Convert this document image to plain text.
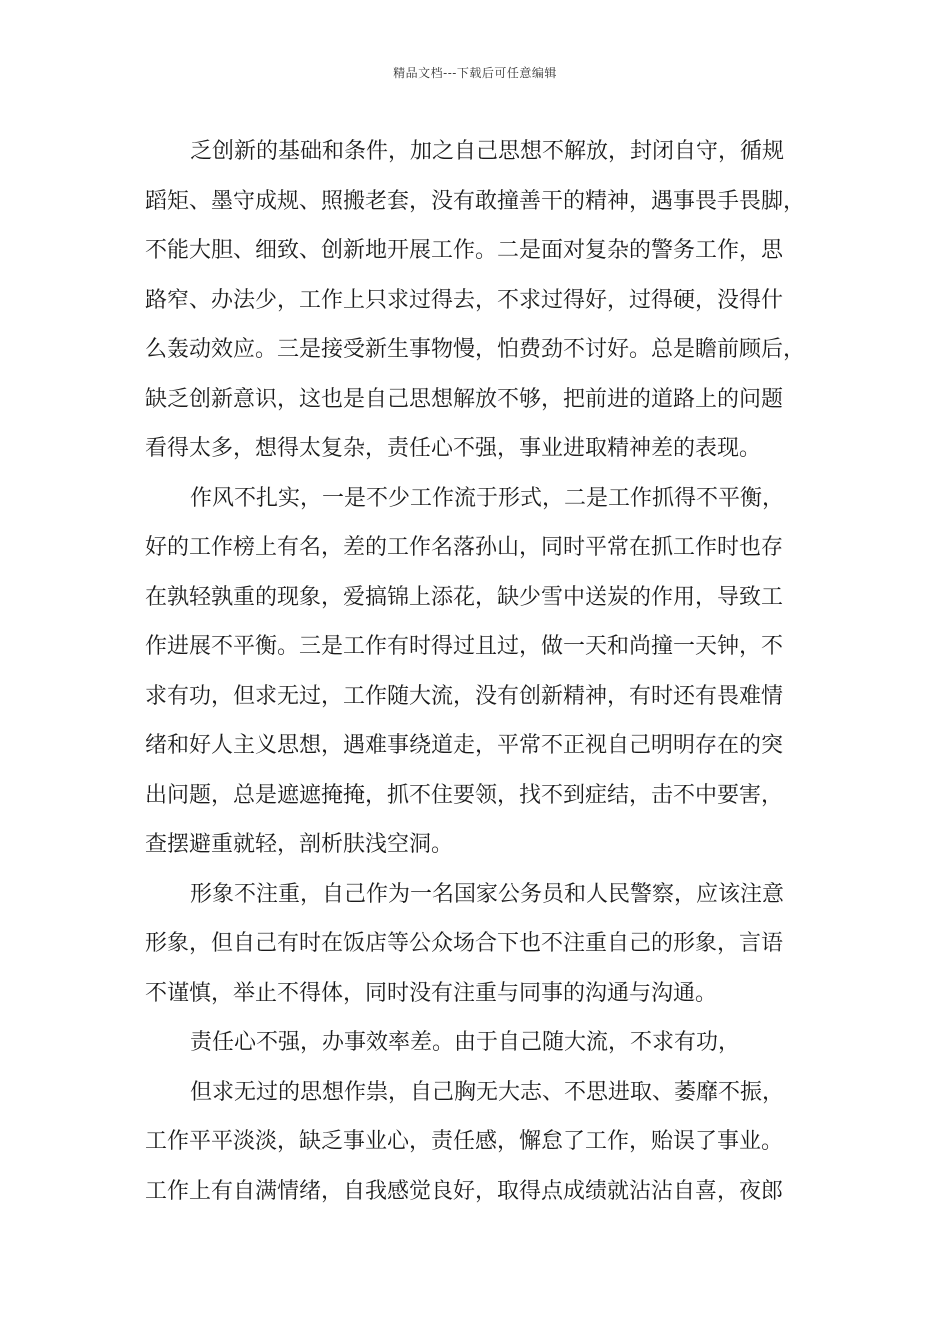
精品文档---下载后可任意编辑
乏创新的基础和条件，加之自己思想不解放，封闭自守，循规
蹈矩、墨守成规、照搬老套，没有敢撞善干的精神，遇事畏手畏脚，
不能大胆、细致、创新地开展工作。二是面对复杂的警务工作，思
路窄、办法少，工作上只求过得去，不求过得好，过得硬，没得什
么轰动效应。三是接受新生事物慢，怕费劲不讨好。总是瞻前顾后，
缺乏创新意识，这也是自己思想解放不够，把前进的道路上的问题
看得太多，想得太复杂，责任心不强，事业进取精神差的表现。
作风不扎实，一是不少工作流于形式，二是工作抓得不平衡，
好的工作榜上有名，差的工作名落孙山，同时平常在抓工作时也存
在孰轻孰重的现象，爱搞锦上添花，缺少雪中送炭的作用，导致工
作进展不平衡。三是工作有时得过且过，做一天和尚撞一天钟，不
求有功，但求无过，工作随大流，没有创新精神，有时还有畏难情
绪和好人主义思想，遇难事绕道走，平常不正视自己明明存在的突
出问题，总是遮遮掩掩，抓不住要领，找不到症结，击不中要害，
查摆避重就轻，剖析肤浅空洞。
形象不注重，自己作为一名国家公务员和人民警察，应该注意
形象，但自己有时在饭店等公众场合下也不注重自己的形象，言语
不谨慎，举止不得体，同时没有注重与同事的沟通与沟通。
责任心不强，办事效率差。由于自己随大流，不求有功，
但求无过的思想作祟，自己胸无大志、不思进取、萎靡不振，
工作平平淡淡，缺乏事业心，责任感，懈怠了工作，贻误了事业。
工作上有自满情绪，自我感觉良好，取得点成绩就沾沾自喜，夜郎
